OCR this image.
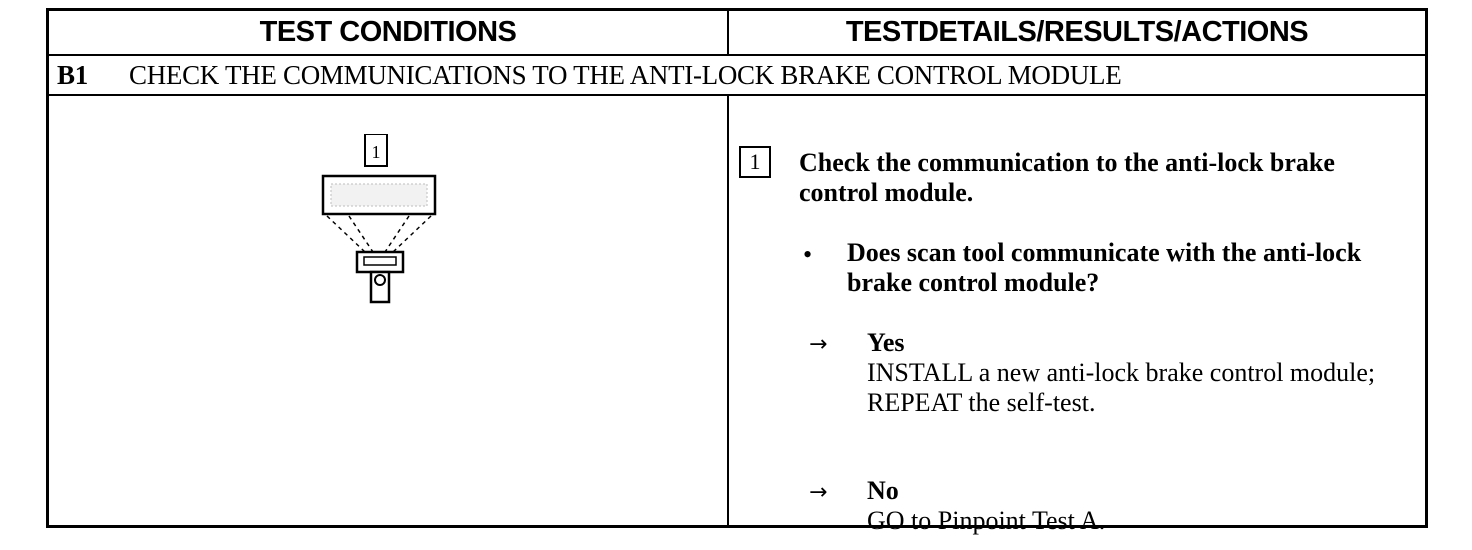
TEST CONDITIONS	TESTDETAILS/RESULTS/ACTIONS
B1	CHECK THE COMMUNICATIONS TO THE ANTI-LOCK BRAKE CONTROL MODULE
1	1	Check the communication to the anti-lock brake control module.
• Does scan tool communicate with the anti-lock brake control module?
→ Yes
INSTALL a new anti-lock brake control module; REPEAT the self-test.
→ No
GO to Pinpoint Test A.
